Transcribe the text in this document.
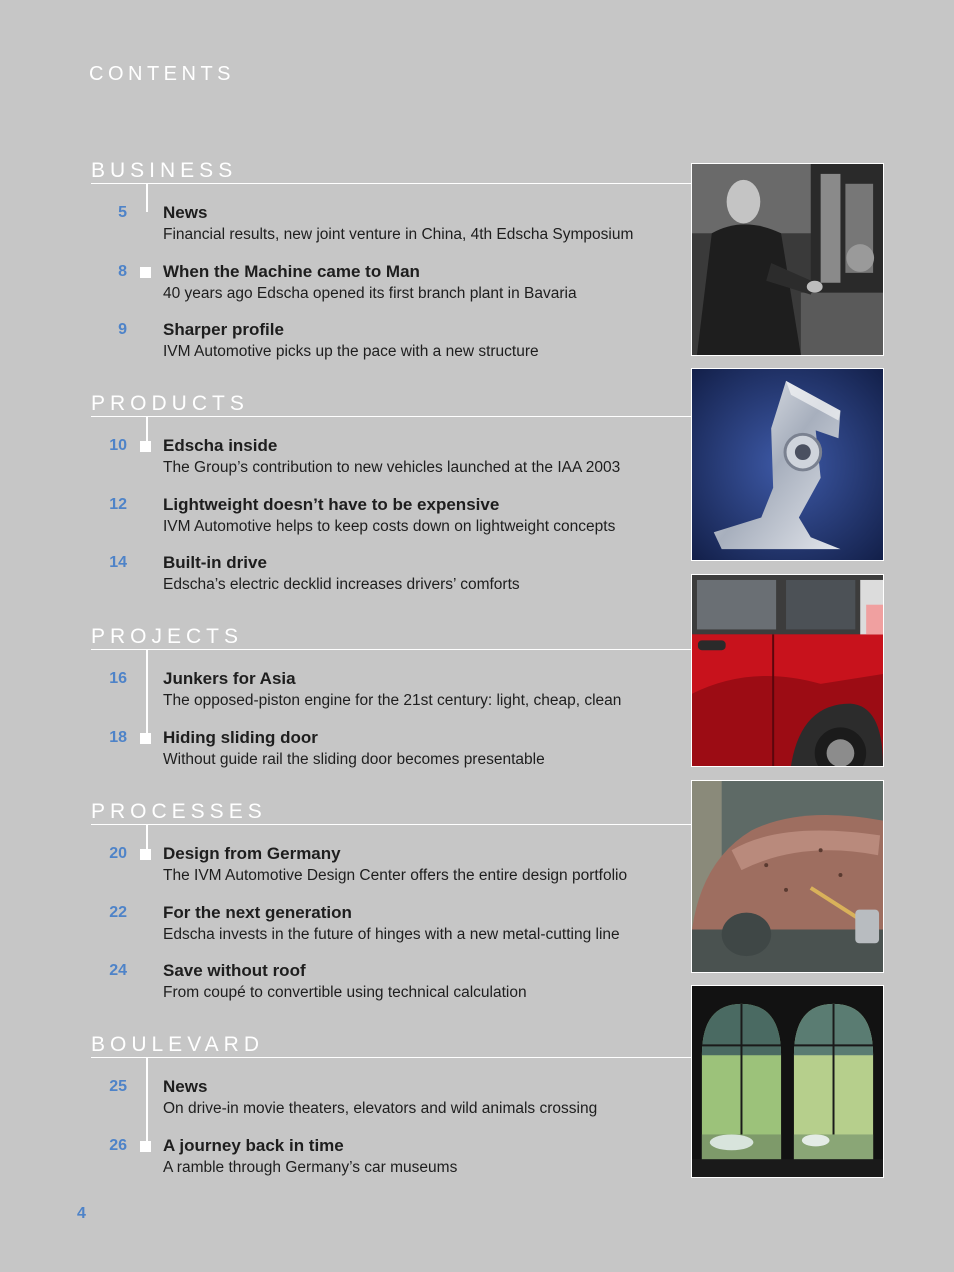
CONTENTS
BUSINESS
5 News
Financial results, new joint venture in China, 4th Edscha Symposium
8 When the Machine came to Man
40 years ago Edscha opened its first branch plant in Bavaria
9 Sharper profile
IVM Automotive picks up the pace with a new structure
PRODUCTS
10 Edscha inside
The Group’s contribution to new vehicles launched at the IAA 2003
12 Lightweight doesn’t have to be expensive
IVM Automotive helps to keep costs down on lightweight concepts
14 Built-in drive
Edscha’s electric decklid increases drivers’ comforts
PROJECTS
16 Junkers for Asia
The opposed-piston engine for the 21st century: light, cheap, clean
18 Hiding sliding door
Without guide rail the sliding door becomes presentable
PROCESSES
20 Design from Germany
The IVM Automotive Design Center offers the entire design portfolio
22 For the next generation
Edscha invests in the future of hinges with a new metal-cutting line
24 Save without roof
From coupé to convertible using technical calculation
BOULEVARD
25 News
On drive-in movie theaters, elevators and wild animals crossing
26 A journey back in time
A ramble through Germany’s car museums
4
